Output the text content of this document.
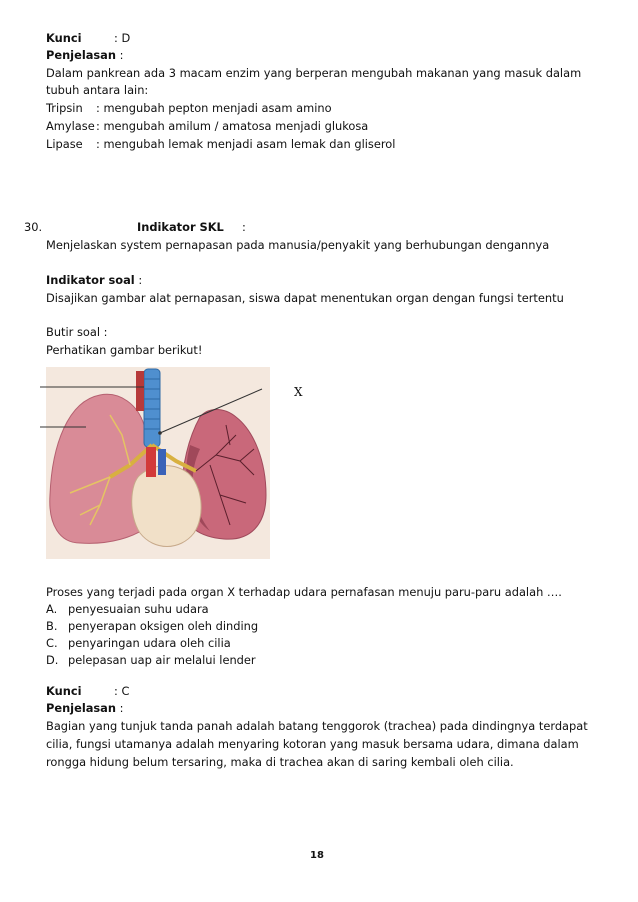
Kunci	: D
Penjelasan :
Dalam pankrean ada 3 macam enzim yang berperan mengubah makanan yang masuk dalam
tubuh antara lain:
Tripsin : mengubah pepton menjadi asam amino
Amylase: mengubah amilum / amatosa menjadi glukosa
Lipase : mengubah lemak menjadi asam lemak dan gliserol
30.	Indikator SKL :
Menjelaskan system pernapasan pada manusia/penyakit yang berhubungan dengannya
Indikator soal :
Disajikan gambar alat pernapasan, siswa dapat menentukan organ dengan fungsi tertentu
Butir soal :
Perhatikan gambar berikut!
X
Proses yang terjadi pada organ X terhadap udara pernafasan menuju paru-paru adalah ….
A. penyesuaian suhu udara
B. penyerapan oksigen oleh dinding
C. penyaringan udara oleh cilia
D. pelepasan uap air melalui lender
Kunci	: C
Penjelasan :
Bagian yang tunjuk tanda panah adalah batang tenggorok (trachea) pada dindingnya terdapat
cilia, fungsi utamanya adalah menyaring kotoran yang masuk bersama udara, dimana dalam
rongga hidung belum tersaring, maka di trachea akan di saring kembali oleh cilia.
18
